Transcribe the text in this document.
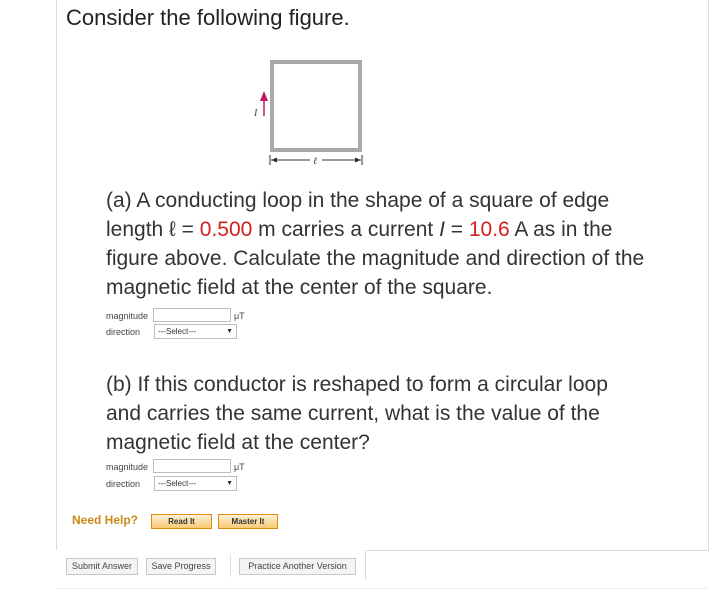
Consider the following figure.
I
ℓ
(a) A conducting loop in the shape of a square of edge
length ℓ = 0.500 m carries a current I = 10.6 A as in the
figure above. Calculate the magnitude and direction of the
magnetic field at the center of the square.
magnitude	μT
direction	---Select---	▼
(b) If this conductor is reshaped to form a circular loop
and carries the same current, what is the value of the
magnetic field at the center?
magnitude	μT
direction	---Select---	▼
Need Help?	Read It	Master It
Submit Answer	Save Progress	Practice Another Version
